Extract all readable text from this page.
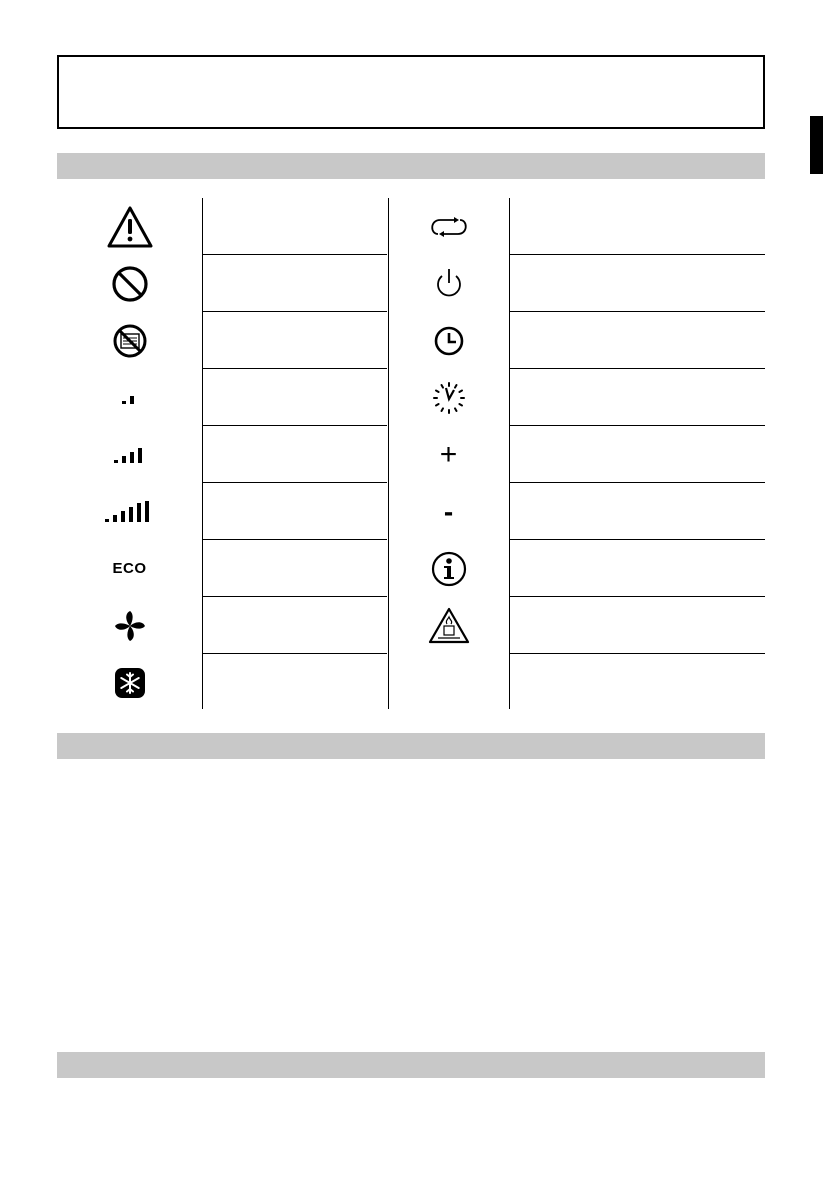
+
-
ECO
